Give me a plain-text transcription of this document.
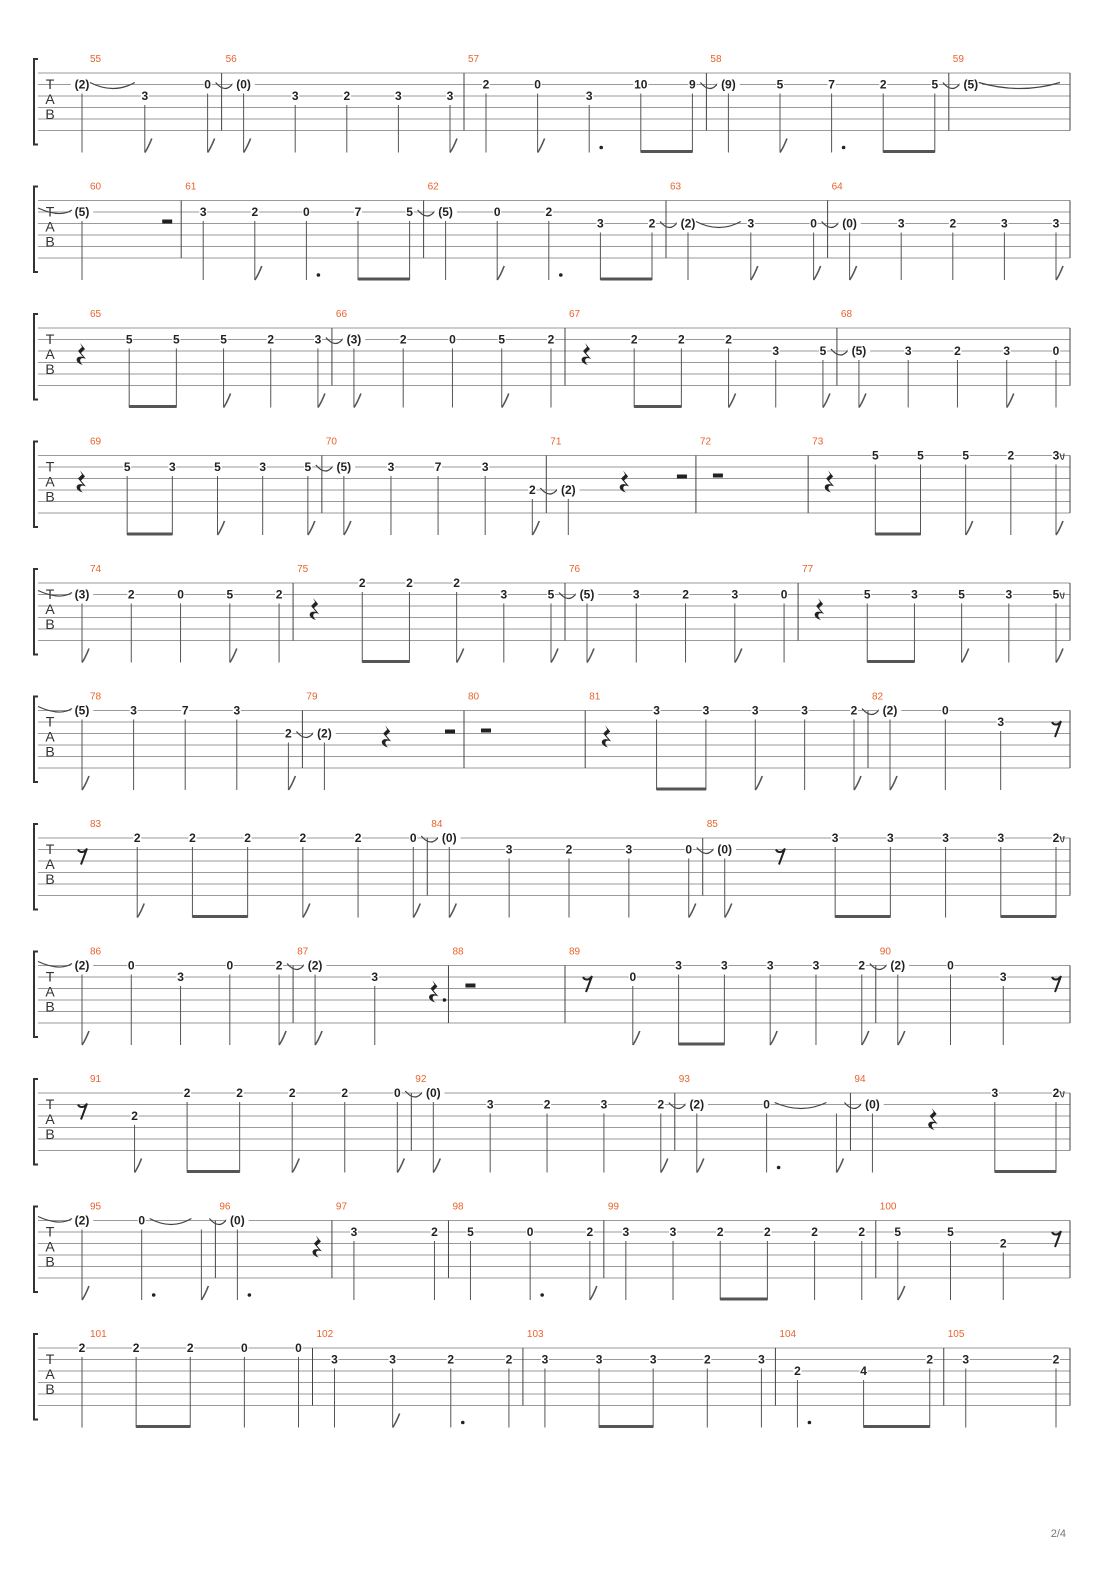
T
A
B
55
(2)
3
0
56
(0)
3	2	3	3
57
2	0
3
10	9
58
(9)	5	7	2	5
59
(5)
T
A
B
60
(5)
61
3	2	0	7	5
62
(5)	0	2
3	2
63
(2)	3	0
64
(0)	3	2	3	3
T
A
B
65
5	5	5	2	3
66
(3)	2	0	5	2
67
2	2	2
3	5
68
(5)	3	2	3	0
T
A
B
69
5	3	5	3	5
70
(5)	3	7	3
2
71
(2)
72	73
5	5	5	2	3
T
A
B
74
(3)	2	0	5	2
75
2	2	2
3	5
76
(5)	3	2	3	0
77
5	3	5	3	5
T
A
B
78
(5)	3	7	3
2
79
(2)
80	81
3	3	3	3	2
82
(2)	0
3
T
A
B
83
2	2	2	2	2	0
84
(0)
3	2	3	0
85
(0)
3	3	3	3	2
T
A
B
86
(2)	0
3
0	2
87
(2)
3
88	89
0
3	3	3	3	2
90
(2)	0
3
T
A
B
91
2
2	2	2	2	0
92
(0)
3	2	3	2
93
(2)	0
94
(0)
3	2
T
A
B
95
(2)	0
96
(0)
97
3	2
98
5	0	2
99
3	3	2	2	2	2
100
5	5
2
T
A
B
101
2	2	2	0	0
102
3	3	2	2
103
3	3	3	2	3
104
2	4
2
105
3	2
2/4
